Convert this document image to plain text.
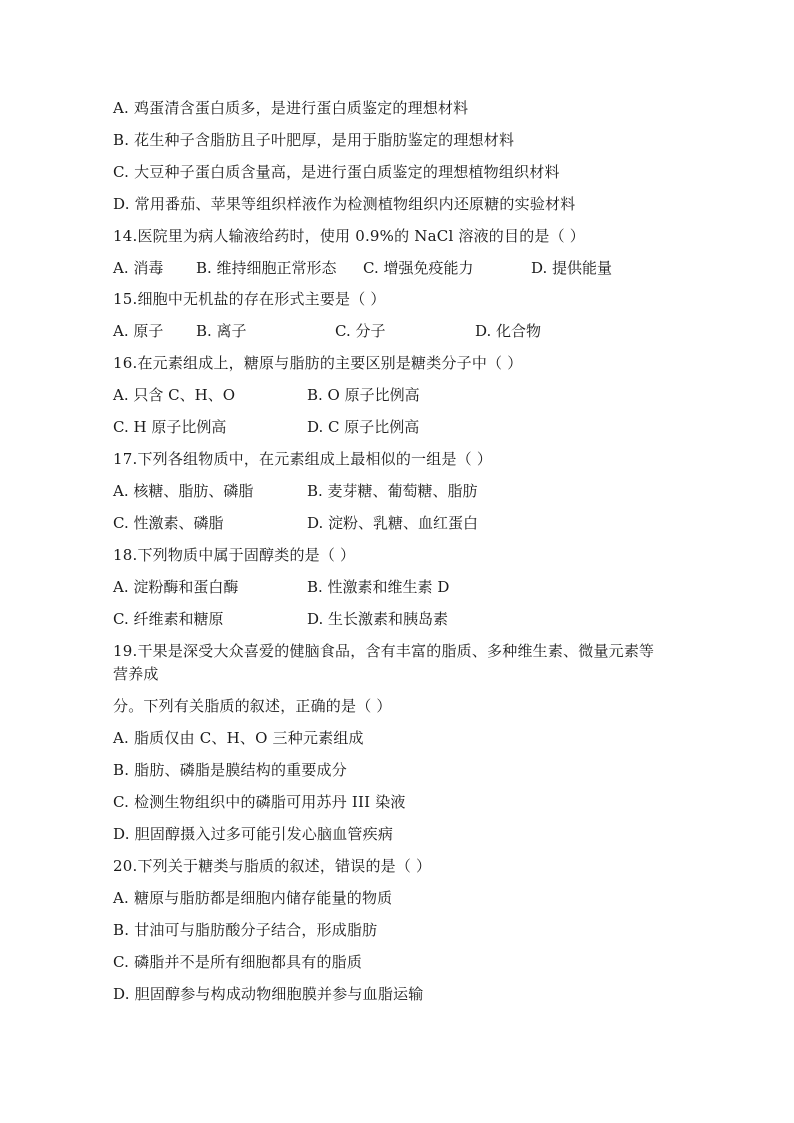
A. 鸡蛋清含蛋白质多，是进行蛋白质鉴定的理想材料
B. 花生种子含脂肪且子叶肥厚，是用于脂肪鉴定的理想材料
C. 大豆种子蛋白质含量高，是进行蛋白质鉴定的理想植物组织材料
D. 常用番茄、苹果等组织样液作为检测植物组织内还原糖的实验材料
14.医院里为病人输液给药时，使用 0.9%的 NaCl 溶液的目的是（ ）
A. 消毒 B. 维持细胞正常形态 C. 增强免疫能力	D. 提供能量
15.细胞中无机盐的存在形式主要是（ ）
A. 原子 B. 离子	C. 分子	D. 化合物
16.在元素组成上，糖原与脂肪的主要区别是糖类分子中（ ）
A. 只含 C、H、O	B. O 原子比例高
C. H 原子比例高	D. C 原子比例高
17.下列各组物质中，在元素组成上最相似的一组是（ ）
A. 核糖、脂肪、磷脂	B. 麦芽糖、葡萄糖、脂肪
C. 性激素、磷脂	D. 淀粉、乳糖、血红蛋白
18.下列物质中属于固醇类的是（ ）
A. 淀粉酶和蛋白酶	B. 性激素和维生素 D
C. 纤维素和糖原	D. 生长激素和胰岛素
19.干果是深受大众喜爱的健脑食品，含有丰富的脂质、多种维生素、微量元素等
营养成
分。下列有关脂质的叙述，正确的是（ ）
A. 脂质仅由 C、H、O 三种元素组成
B. 脂肪、磷脂是膜结构的重要成分
C. 检测生物组织中的磷脂可用苏丹 III 染液
D. 胆固醇摄入过多可能引发心脑血管疾病
20.下列关于糖类与脂质的叙述，错误的是（ ）
A. 糖原与脂肪都是细胞内储存能量的物质
B. 甘油可与脂肪酸分子结合，形成脂肪
C. 磷脂并不是所有细胞都具有的脂质
D. 胆固醇参与构成动物细胞膜并参与血脂运输
